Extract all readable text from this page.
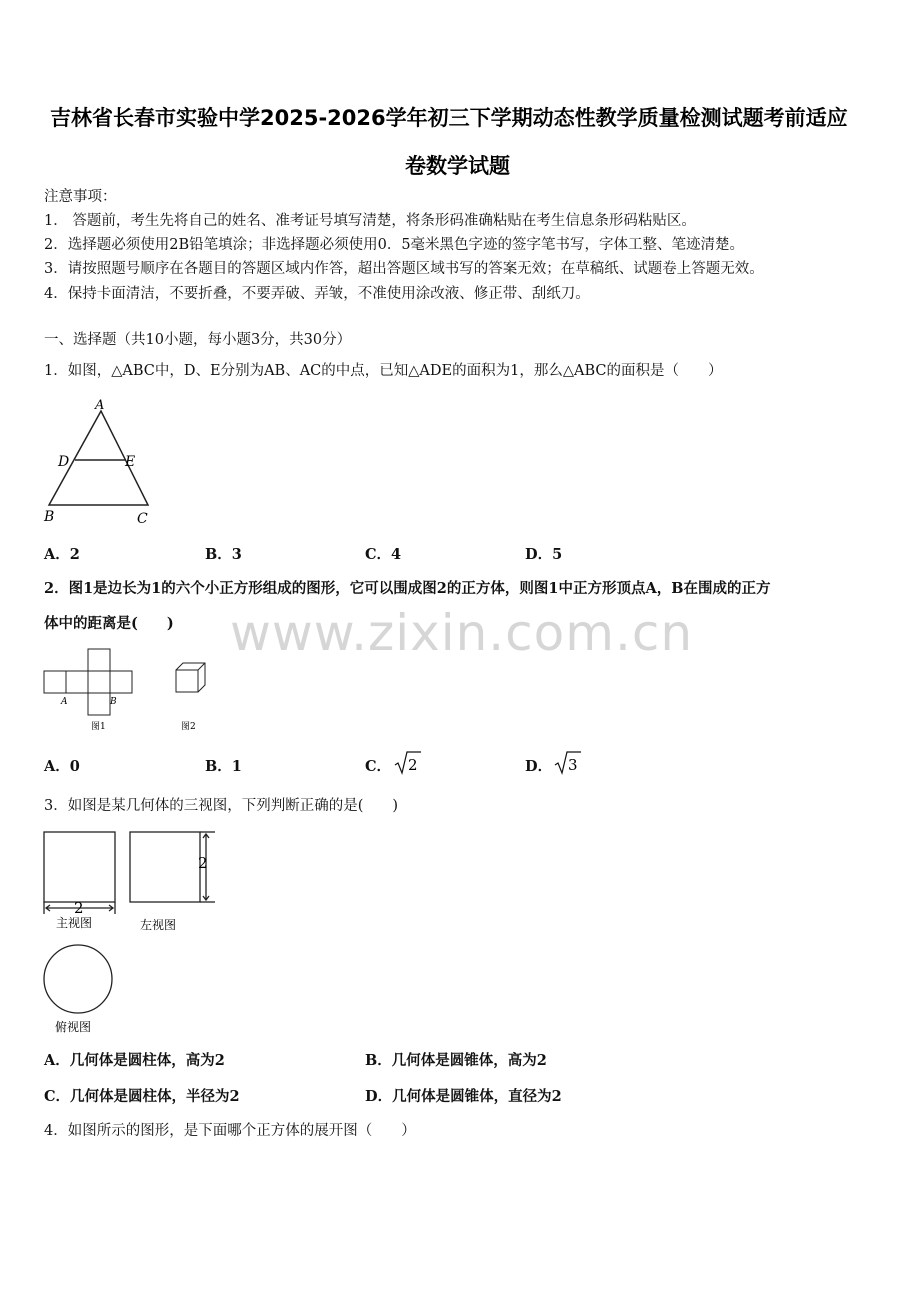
吉林省长春市实验中学2025-2026学年初三下学期动态性教学质量检测试题考前适应
卷数学试题
注意事项：
1． 答题前，考生先将自己的姓名、准考证号填写清楚，将条形码准确粘贴在考生信息条形码粘贴区。
2．选择题必须使用2B铅笔填涂；非选择题必须使用0．5毫米黑色字迹的签字笔书写，字体工整、笔迹清楚。
3．请按照题号顺序在各题目的答题区域内作答，超出答题区域书写的答案无效；在草稿纸、试题卷上答题无效。
4．保持卡面清洁，不要折叠，不要弄破、弄皱，不准使用涂改液、修正带、刮纸刀。
一、选择题（共10小题，每小题3分，共30分）
1．如图，△ABC中，D、E分别为AB、AC的中点，已知△ADE的面积为1，那么△ABC的面积是（　　）
A
D	E
B	C
A．2	B．3	C．4	D．5
2．图1是边长为1的六个小正方形组成的图形，它可以围成图2的正方体，则图1中正方形顶点A，B在围成的正方
体中的距离是(　　) www.zixin.com.cn
A	B
图1	图2
A．0	B．1	C． 2	D． 3
3．如图是某几何体的三视图，下列判断正确的是(　　)
2
2
主视图	左视图
俯视图
A．几何体是圆柱体，高为2	B．几何体是圆锥体，高为2
C．几何体是圆柱体，半径为2	D．几何体是圆锥体，直径为2
4．如图所示的图形，是下面哪个正方体的展开图（　　）
